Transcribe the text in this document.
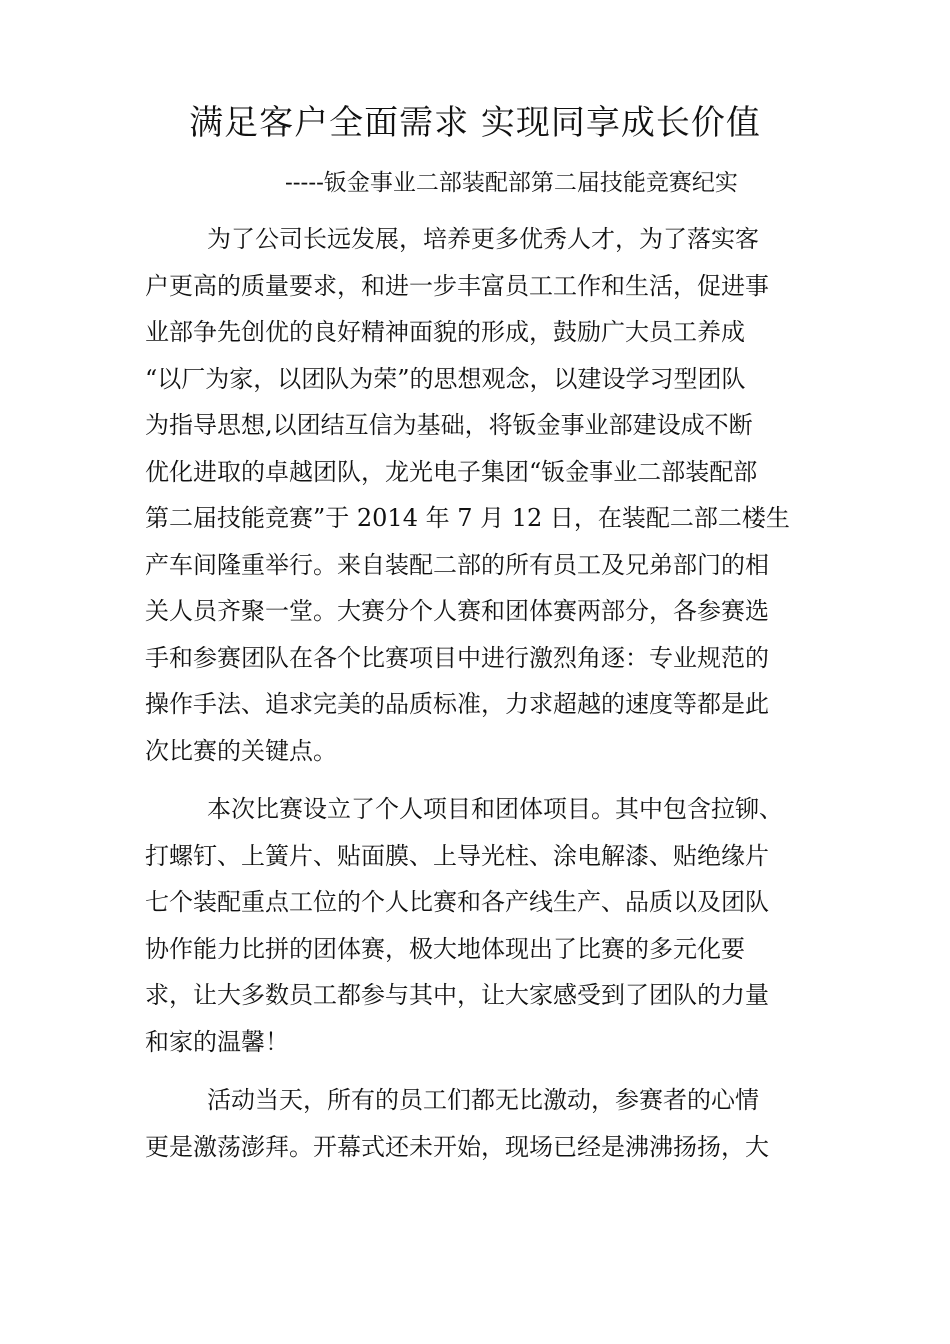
满足客户全面需求 实现同享成长价值
-----钣金事业二部装配部第二届技能竞赛纪实
为了公司长远发展，培养更多优秀人才，为了落实客
户更高的质量要求，和进一步丰富员工工作和生活，促进事
业部争先创优的良好精神面貌的形成，鼓励广大员工养成
“以厂为家，以团队为荣”的思想观念，以建设学习型团队
为指导思想,以团结互信为基础，将钣金事业部建设成不断
优化进取的卓越团队，龙光电子集团“钣金事业二部装配部
第二届技能竞赛”于 2014 年 7 月 12 日，在装配二部二楼生
产车间隆重举行。来自装配二部的所有员工及兄弟部门的相
关人员齐聚一堂。大赛分个人赛和团体赛两部分，各参赛选
手和参赛团队在各个比赛项目中进行激烈角逐：专业规范的
操作手法、追求完美的品质标准，力求超越的速度等都是此
次比赛的关键点。
本次比赛设立了个人项目和团体项目。其中包含拉铆、
打螺钉、上簧片、贴面膜、上导光柱、涂电解漆、贴绝缘片
七个装配重点工位的个人比赛和各产线生产、品质以及团队
协作能力比拼的团体赛，极大地体现出了比赛的多元化要
求，让大多数员工都参与其中，让大家感受到了团队的力量
和家的温馨！
活动当天，所有的员工们都无比激动，参赛者的心情
更是激荡澎拜。开幕式还未开始，现场已经是沸沸扬扬，大
